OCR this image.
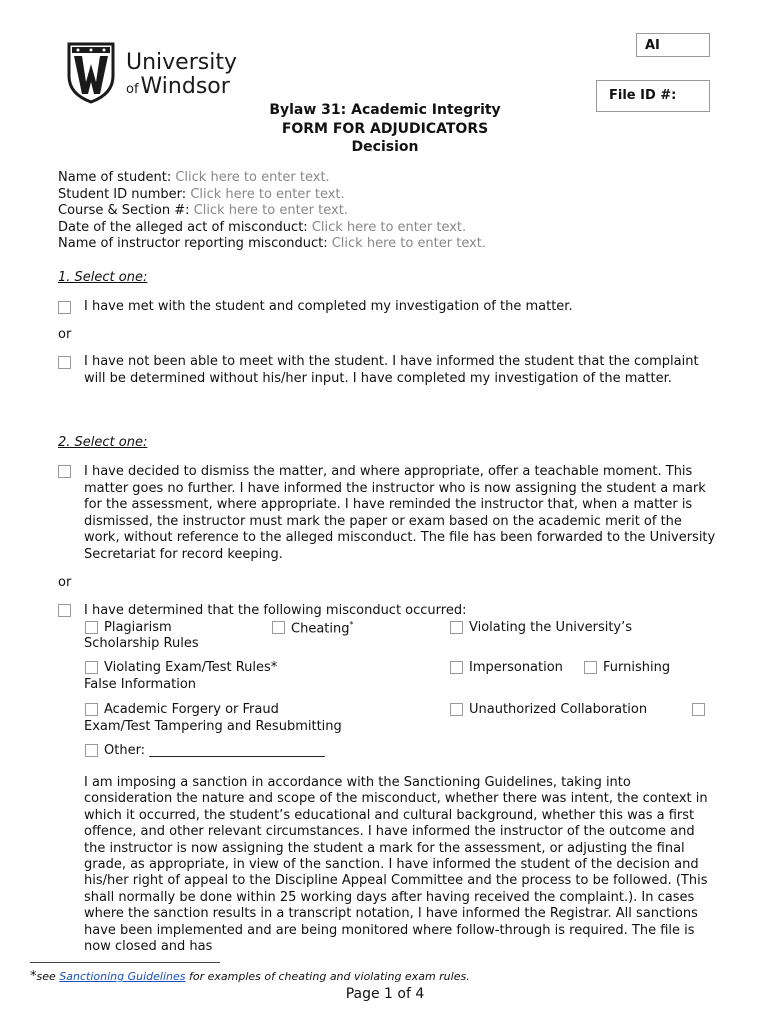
University
ofWindsor
AI
File ID #:
Bylaw 31: Academic Integrity
FORM FOR ADJUDICATORS
Decision
Name of student: Click here to enter text.
Student ID number: Click here to enter text.
Course & Section #: Click here to enter text.
Date of the alleged act of misconduct: Click here to enter text.
Name of instructor reporting misconduct: Click here to enter text.
1. Select one:
I have met with the student and completed my investigation of the matter.
or
I have not been able to meet with the student. I have informed the student that the complaint will be determined without his/her input. I have completed my investigation of the matter.
2. Select one:
I have decided to dismiss the matter, and where appropriate, offer a teachable moment. This matter goes no further. I have informed the instructor who is now assigning the student a mark for the assessment, where appropriate. I have reminded the instructor that, when a matter is dismissed, the instructor must mark the paper or exam based on the academic merit of the work, without reference to the alleged misconduct. The file has been forwarded to the University Secretariat for record keeping.
or
I have determined that the following misconduct occurred:
Plagiarism	Cheating*	Violating the University’s
Scholarship Rules
Violating Exam/Test Rules*	Impersonation	Furnishing
False Information
Academic Forgery or Fraud	Unauthorized Collaboration
Exam/Test Tampering and Resubmitting
Other: ___________________________
I am imposing a sanction in accordance with the Sanctioning Guidelines, taking into consideration the nature and scope of the misconduct, whether there was intent, the context in which it occurred, the student’s educational and cultural background, whether this was a first offence, and other relevant circumstances. I have informed the instructor of the outcome and the instructor is now assigning the student a mark for the assessment, or adjusting the final grade, as appropriate, in view of the sanction. I have informed the student of the decision and his/her right of appeal to the Discipline Appeal Committee and the process to be followed. (This shall normally be done within 25 working days after having received the complaint.). In cases where the sanction results in a transcript notation, I have informed the Registrar. All sanctions have been implemented and are being monitored where follow-through is required. The file is now closed and has
*see Sanctioning Guidelines for examples of cheating and violating exam rules.
Page 1 of 4
